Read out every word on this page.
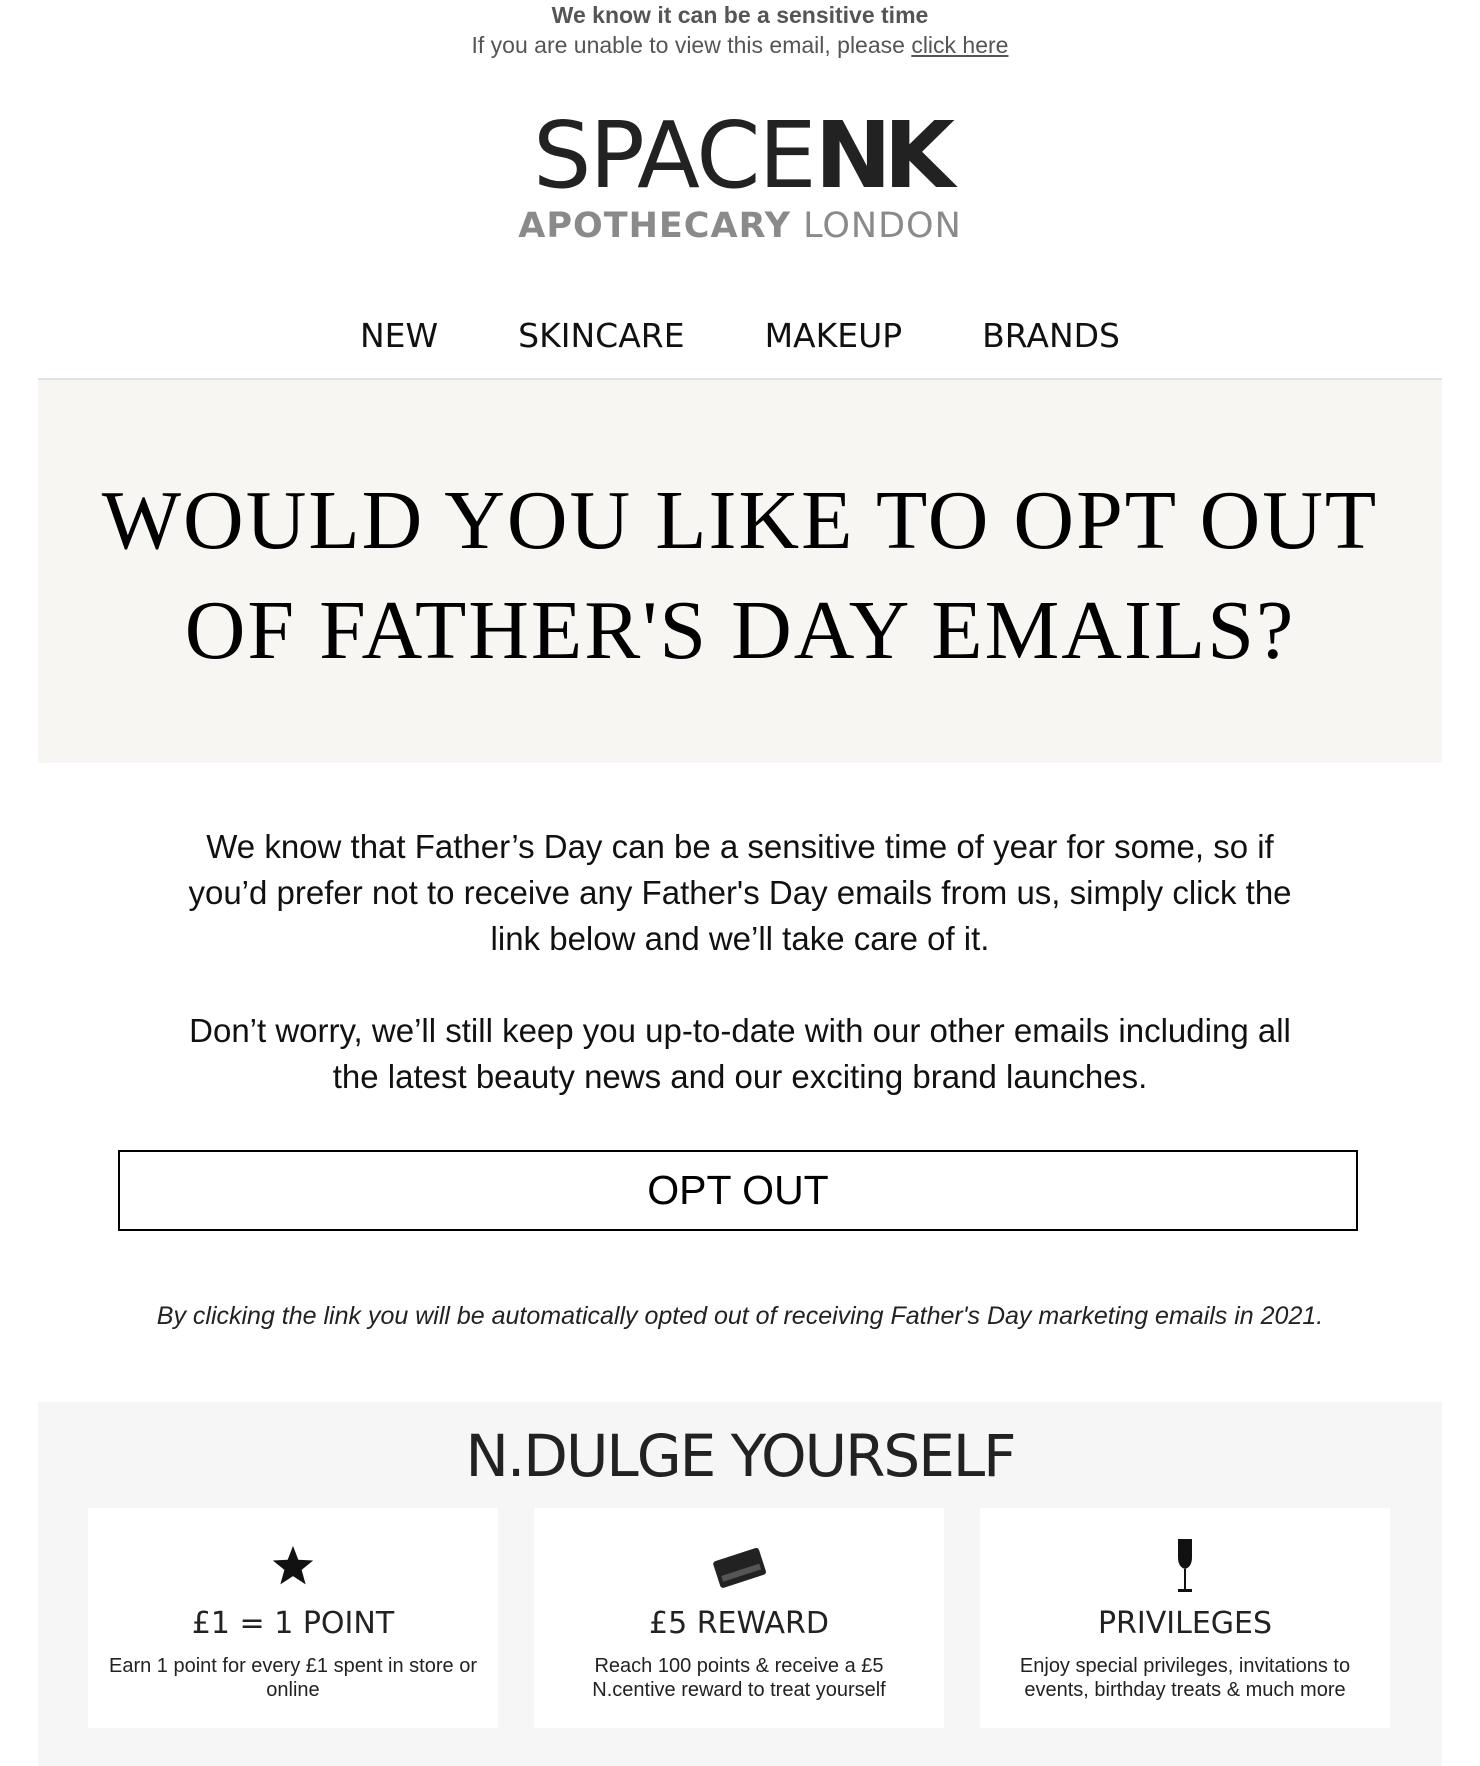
We know it can be a sensitive time
If you are unable to view this email, please click here
SPACENK
APOTHECARY LONDON
NEW SKINCARE MAKEUP BRANDS
WOULD YOU LIKE TO OPT OUT
OF FATHER'S DAY EMAILS?
We know that Father’s Day can be a sensitive time of year for some, so if you’d prefer not to receive any Father's Day emails from us, simply click the link below and we’ll take care of it.
Don’t worry, we’ll still keep you up-to-date with our other emails including all the latest beauty news and our exciting brand launches.
OPT OUT
By clicking the link you will be automatically opted out of receiving Father's Day marketing emails in 2021.
N.DULGE YOURSELF
£1 = 1 POINT
Earn 1 point for every £1 spent in store or online
£5 REWARD
Reach 100 points & receive a £5 N.centive reward to treat yourself
PRIVILEGES
Enjoy special privileges, invitations to events, birthday treats & much more
